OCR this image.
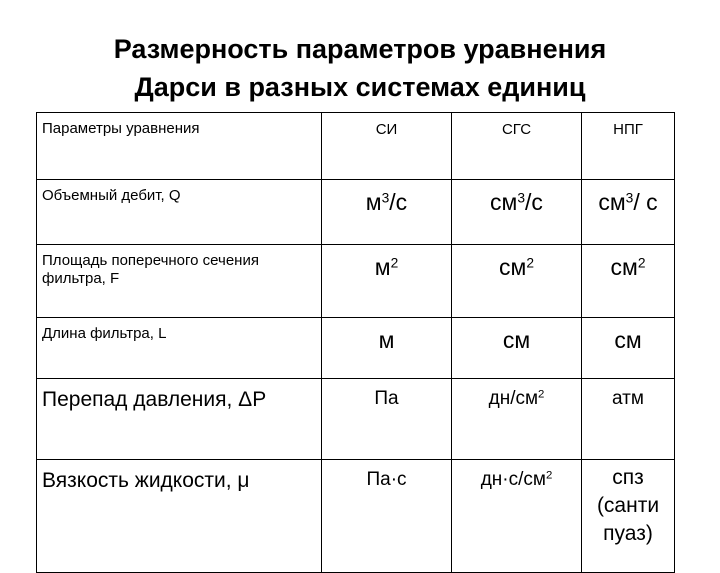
Размерность параметров уравнения
Дарси в разных системах единиц
Параметры уравнения	СИ	СГС	НПГ
Объемный дебит, Q	$м^3/с$	$см^3/с$	$см^3/$ с
Площадь поперечного сечения фильтра, F	$м^2$	$см^2$	$см^2$
Длина фильтра, L	м	см	см
Перепад давления, ΔP	Па	$дн/см^2$	атм
Вязкость жидкости, μ	Па·с	$дн\cdot с/см^2$	спз (санти пуаз)
